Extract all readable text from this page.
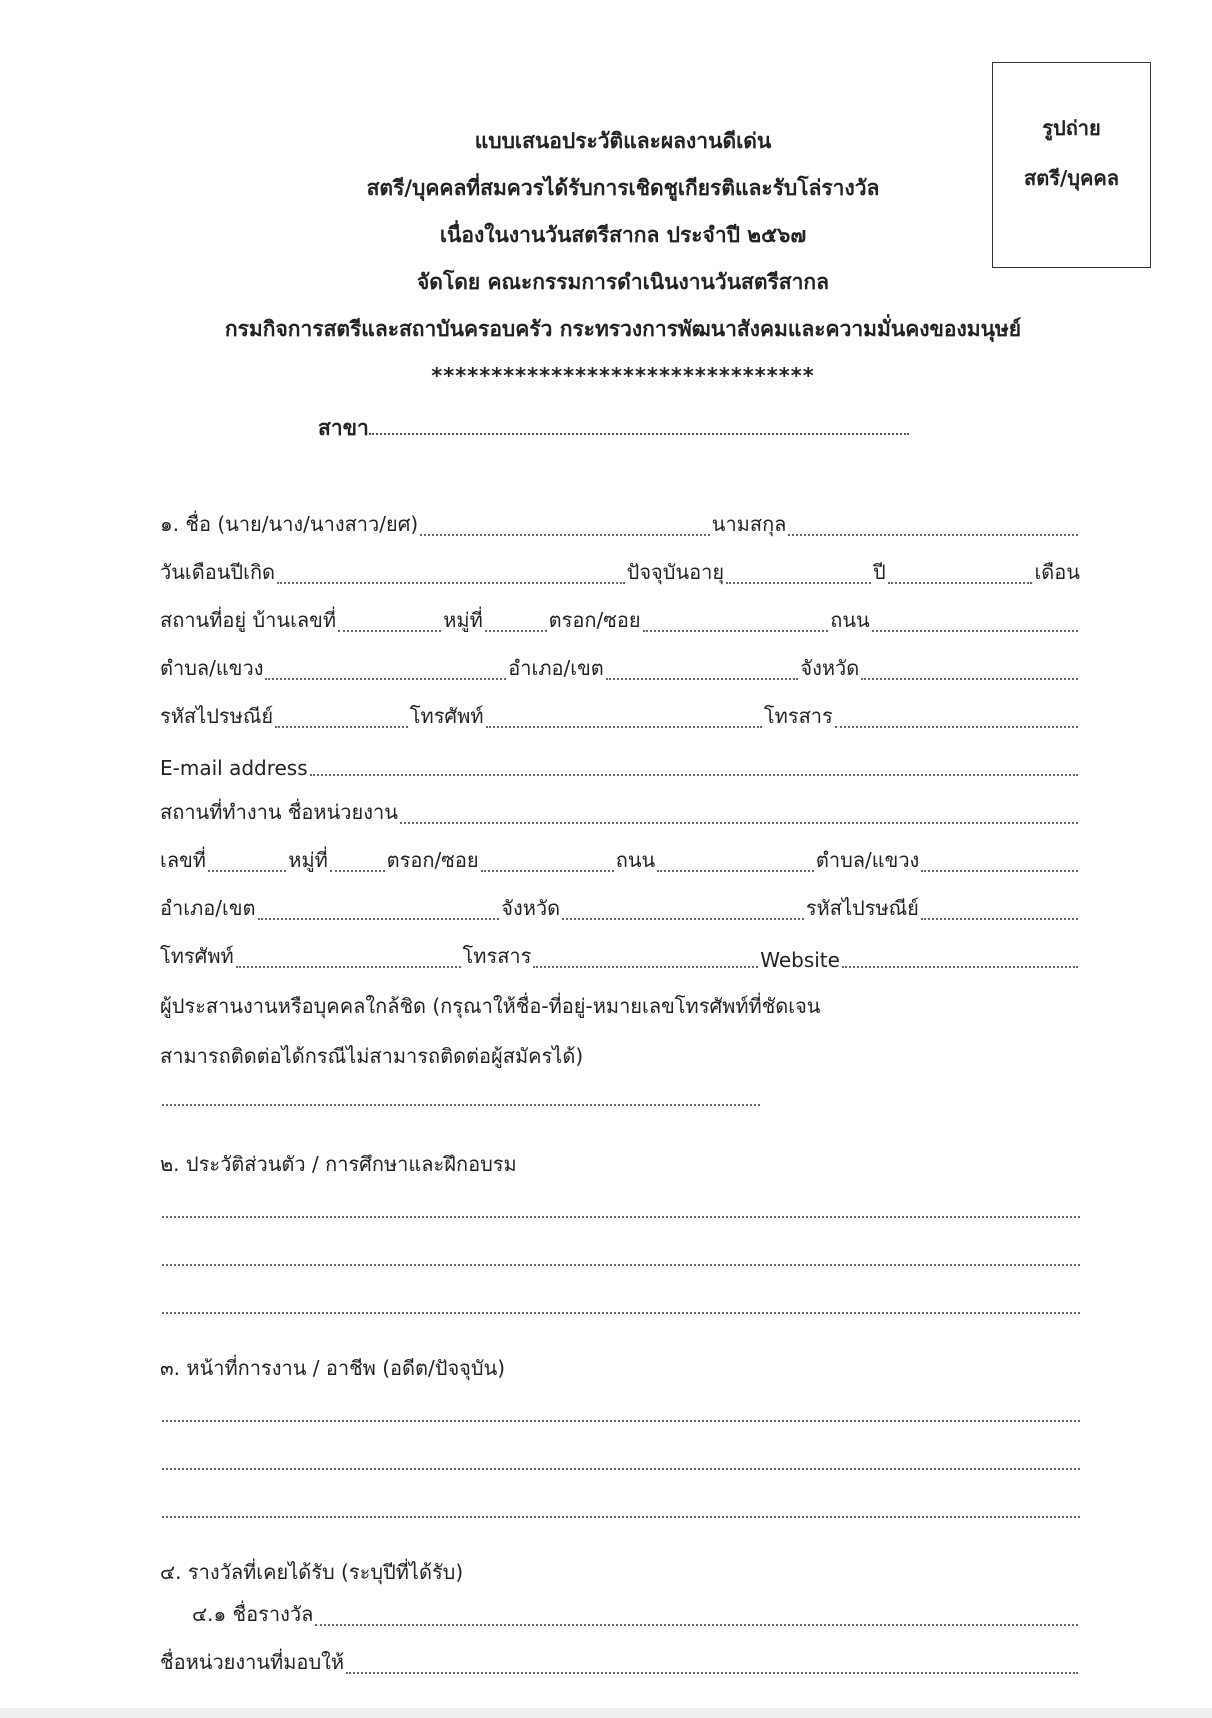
รูปถ่าย
สตรี/บุคคล
แบบเสนอประวัติและผลงานดีเด่น
สตรี/บุคคลที่สมควรได้รับการเชิดชูเกียรติและรับโล่รางวัล
เนื่องในงานวันสตรีสากล ประจำปี ๒๕๖๗
จัดโดย คณะกรรมการดำเนินงานวันสตรีสากล
กรมกิจการสตรีและสถาบันครอบครัว กระทรวงการพัฒนาสังคมและความมั่นคงของมนุษย์
********************************
สาขา
๑. ชื่อ (นาย/นาง/นางสาว/ยศ)	นามสกุล
วันเดือนปีเกิด	ปัจจุบันอายุ	ปี	เดือน
สถานที่อยู่ บ้านเลขที่	หมู่ที่	ตรอก/ซอย	ถนน
ตำบล/แขวง	อำเภอ/เขต	จังหวัด
รหัสไปรษณีย์	โทรศัพท์	โทรสาร
E-mail address
สถานที่ทำงาน ชื่อหน่วยงาน
เลขที่	หมู่ที่	ตรอก/ซอย	ถนน	ตำบล/แขวง
อำเภอ/เขต	จังหวัด	รหัสไปรษณีย์
โทรศัพท์	โทรสาร	Website
ผู้ประสานงานหรือบุคคลใกล้ชิด (กรุณาให้ชื่อ-ที่อยู่-หมายเลขโทรศัพท์ที่ชัดเจน
สามารถติดต่อได้กรณีไม่สามารถติดต่อผู้สมัครได้)
๒. ประวัติส่วนตัว / การศึกษาและฝึกอบรม
๓. หน้าที่การงาน / อาชีพ (อดีต/ปัจจุบัน)
๔. รางวัลที่เคยได้รับ (ระบุปีที่ได้รับ)
๔.๑ ชื่อรางวัล
ชื่อหน่วยงานที่มอบให้
